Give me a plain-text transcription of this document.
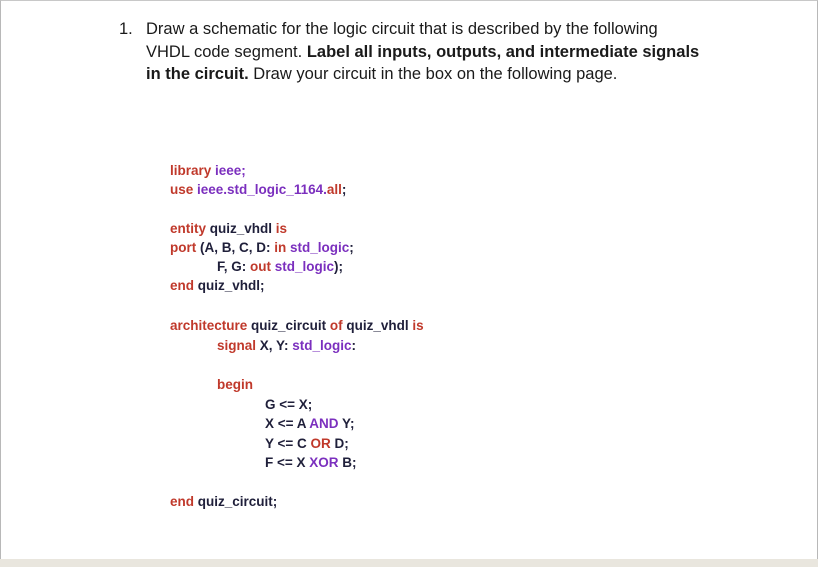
1. Draw a schematic for the logic circuit that is described by the following
VHDL code segment. Label all inputs, outputs, and intermediate signals
in the circuit. Draw your circuit in the box on the following page.
library ieee;
use ieee.std_logic_1164.all;
entity quiz_vhdl is
port (A, B, C, D: in std_logic;
F, G: out std_logic);
end quiz_vhdl;
architecture quiz_circuit of quiz_vhdl is
signal X, Y: std_logic:
begin
G <= X;
X <= A AND Y;
Y <= C OR D;
F <= X XOR B;
end quiz_circuit;
